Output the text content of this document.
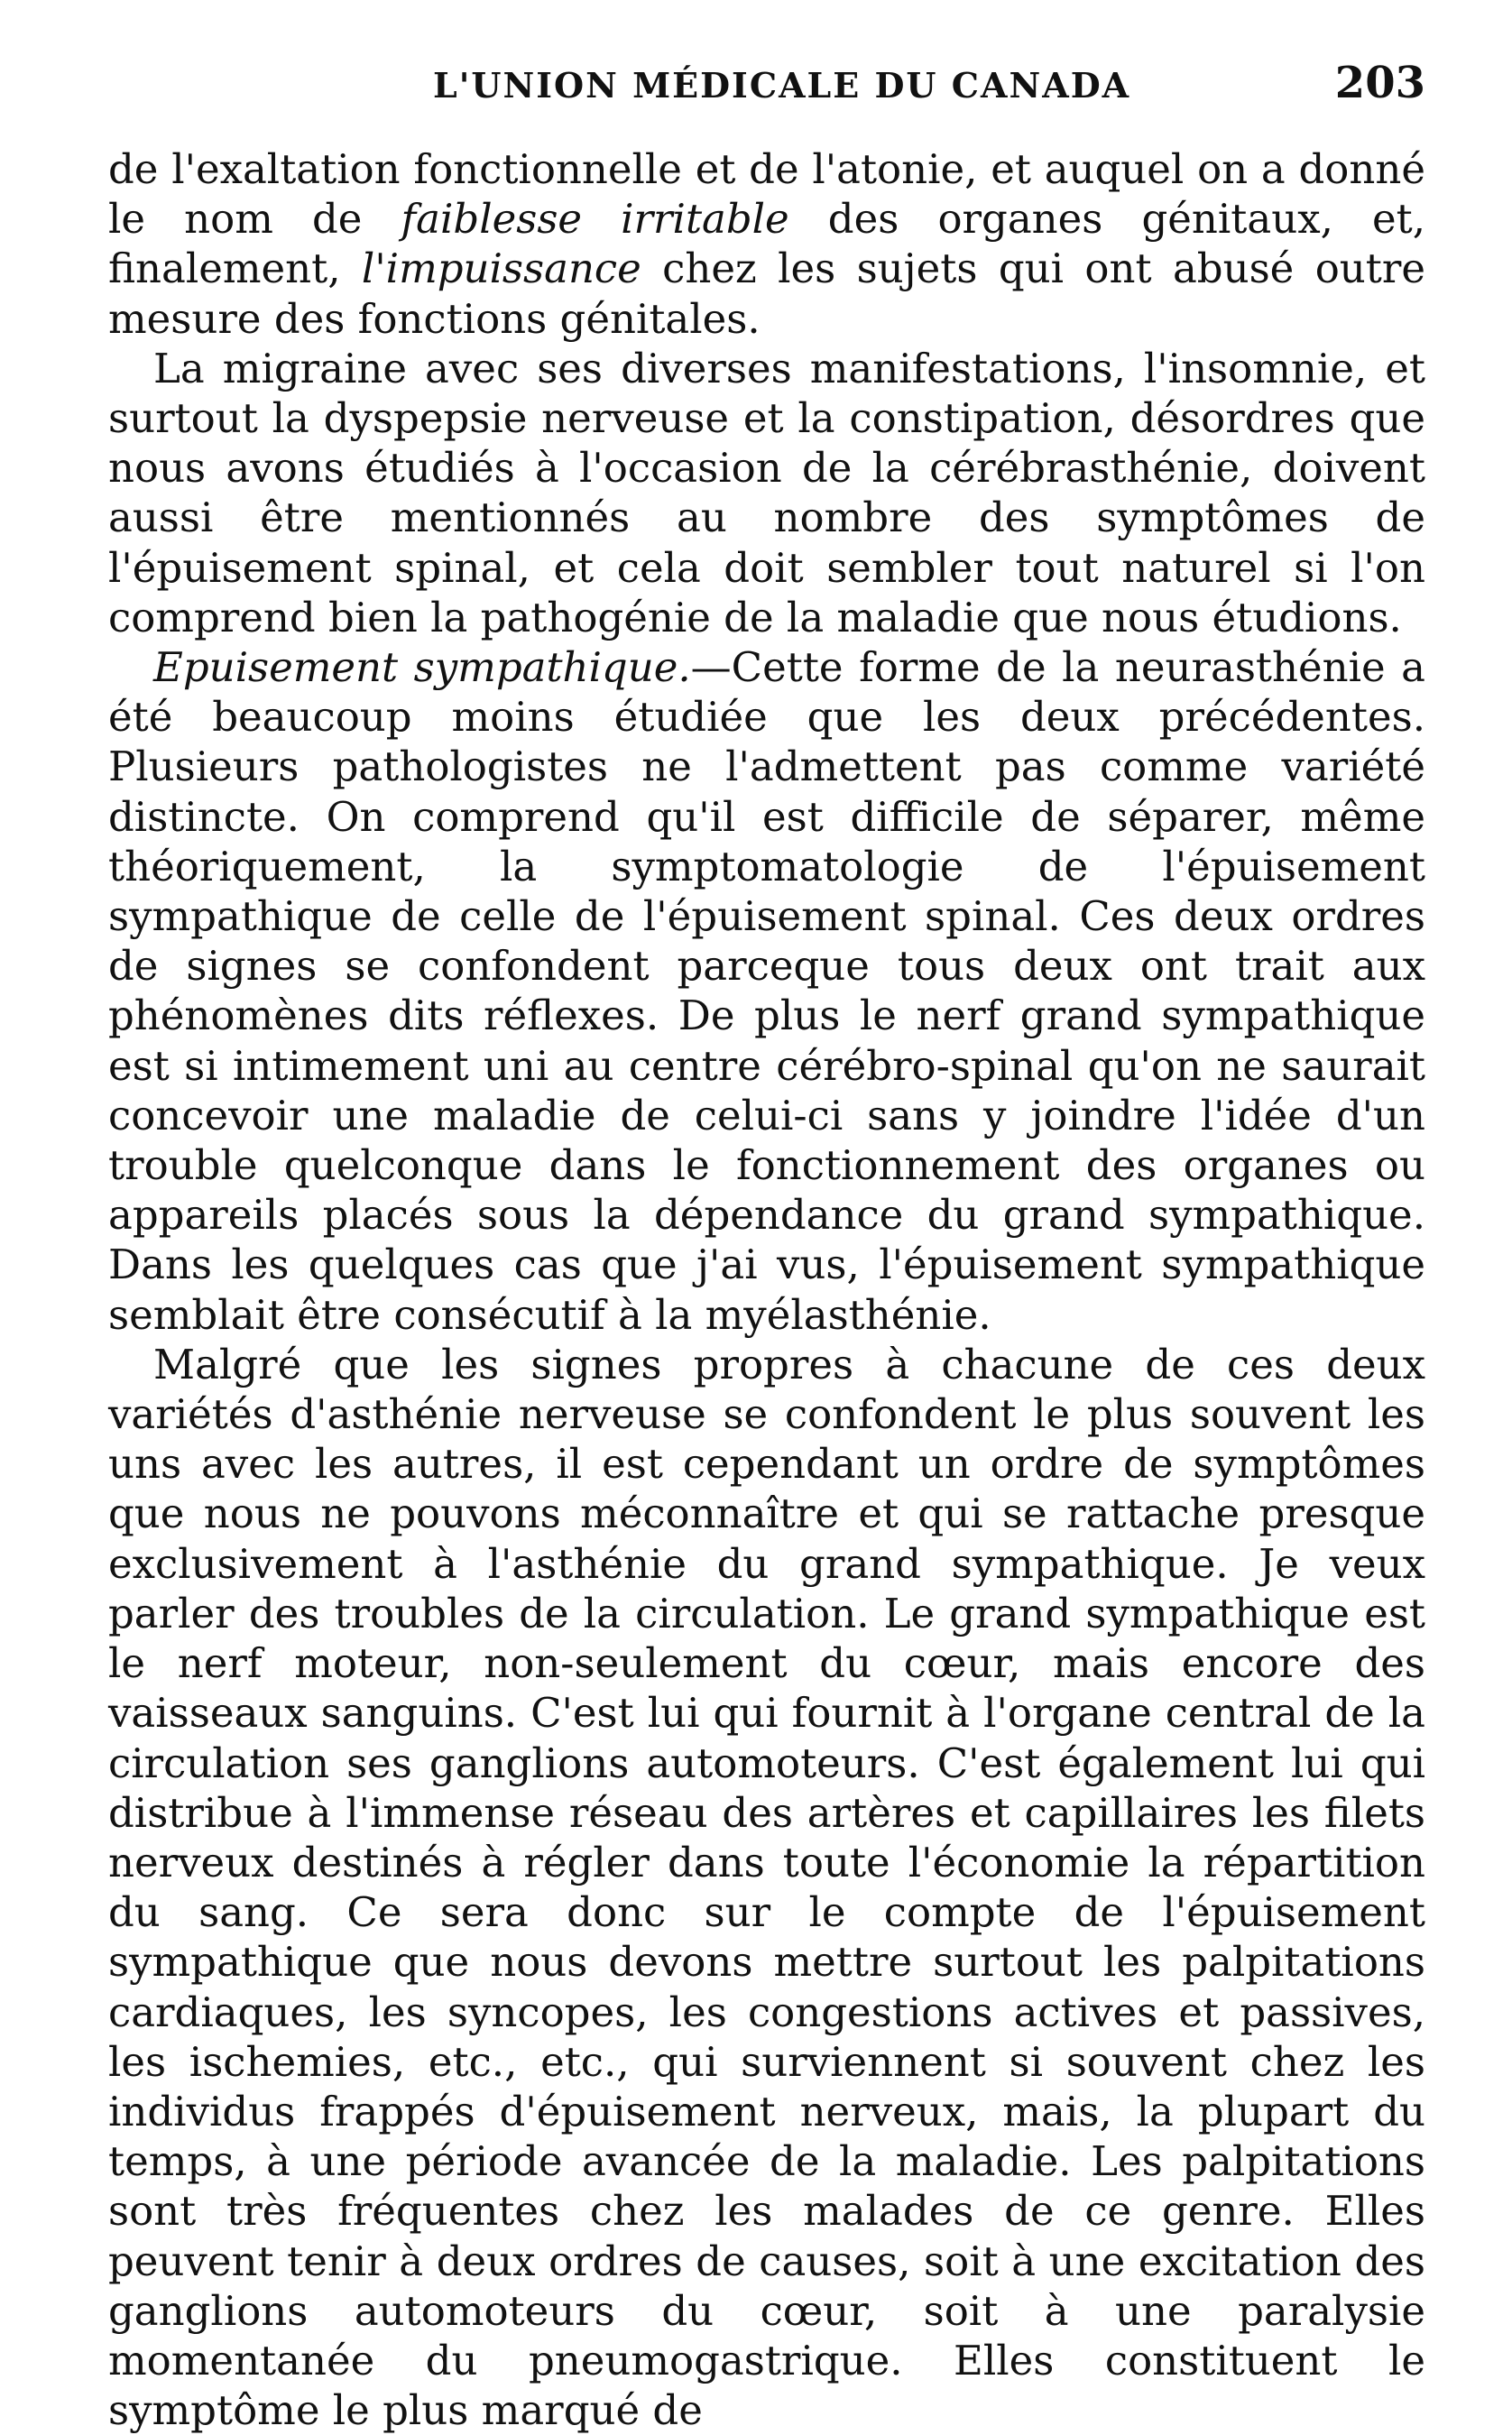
L'UNION MÉDICALE DU CANADA	203

de l'exaltation fonctionnelle et de l'atonie, et auquel on a donné le nom de faiblesse irritable des organes génitaux, et, finalement, l'impuissance chez les sujets qui ont abusé outre mesure des fonctions génitales.

La migraine avec ses diverses manifestations, l'insomnie, et surtout la dyspepsie nerveuse et la constipation, désordres que nous avons étudiés à l'occasion de la cérébrasthénie, doivent aussi être mentionnés au nombre des symptômes de l'épuisement spinal, et cela doit sembler tout naturel si l'on comprend bien la pathogénie de la maladie que nous étudions.

Epuisement sympathique.—Cette forme de la neurasthénie a été beaucoup moins étudiée que les deux précédentes. Plusieurs pathologistes ne l'admettent pas comme variété distincte. On comprend qu'il est difficile de séparer, même théoriquement, la symptomatologie de l'épuisement sympathique de celle de l'épuisement spinal. Ces deux ordres de signes se confondent parceque tous deux ont trait aux phénomènes dits réflexes. De plus le nerf grand sympathique est si intimement uni au centre cérébro-spinal qu'on ne saurait concevoir une maladie de celui-ci sans y joindre l'idée d'un trouble quelconque dans le fonctionnement des organes ou appareils placés sous la dépendance du grand sympathique. Dans les quelques cas que j'ai vus, l'épuisement sympathique semblait être consécutif à la myélasthénie.

Malgré que les signes propres à chacune de ces deux variétés d'asthénie nerveuse se confondent le plus souvent les uns avec les autres, il est cependant un ordre de symptômes que nous ne pouvons méconnaître et qui se rattache presque exclusivement à l'asthénie du grand sympathique. Je veux parler des troubles de la circulation. Le grand sympathique est le nerf moteur, non-seulement du cœur, mais encore des vaisseaux sanguins. C'est lui qui fournit à l'organe central de la circulation ses ganglions automoteurs. C'est également lui qui distribue à l'immense réseau des artères et capillaires les filets nerveux destinés à régler dans toute l'économie la répartition du sang. Ce sera donc sur le compte de l'épuisement sympathique que nous devons mettre surtout les palpitations cardiaques, les syncopes, les congestions actives et passives, les ischemies, etc., etc., qui surviennent si souvent chez les individus frappés d'épuisement nerveux, mais, la plupart du temps, à une période avancée de la maladie. Les palpitations sont très fréquentes chez les malades de ce genre. Elles peuvent tenir à deux ordres de causes, soit à une excitation des ganglions automoteurs du cœur, soit à une paralysie momentanée du pneumogastrique. Elles constituent le symptôme le plus marqué de
